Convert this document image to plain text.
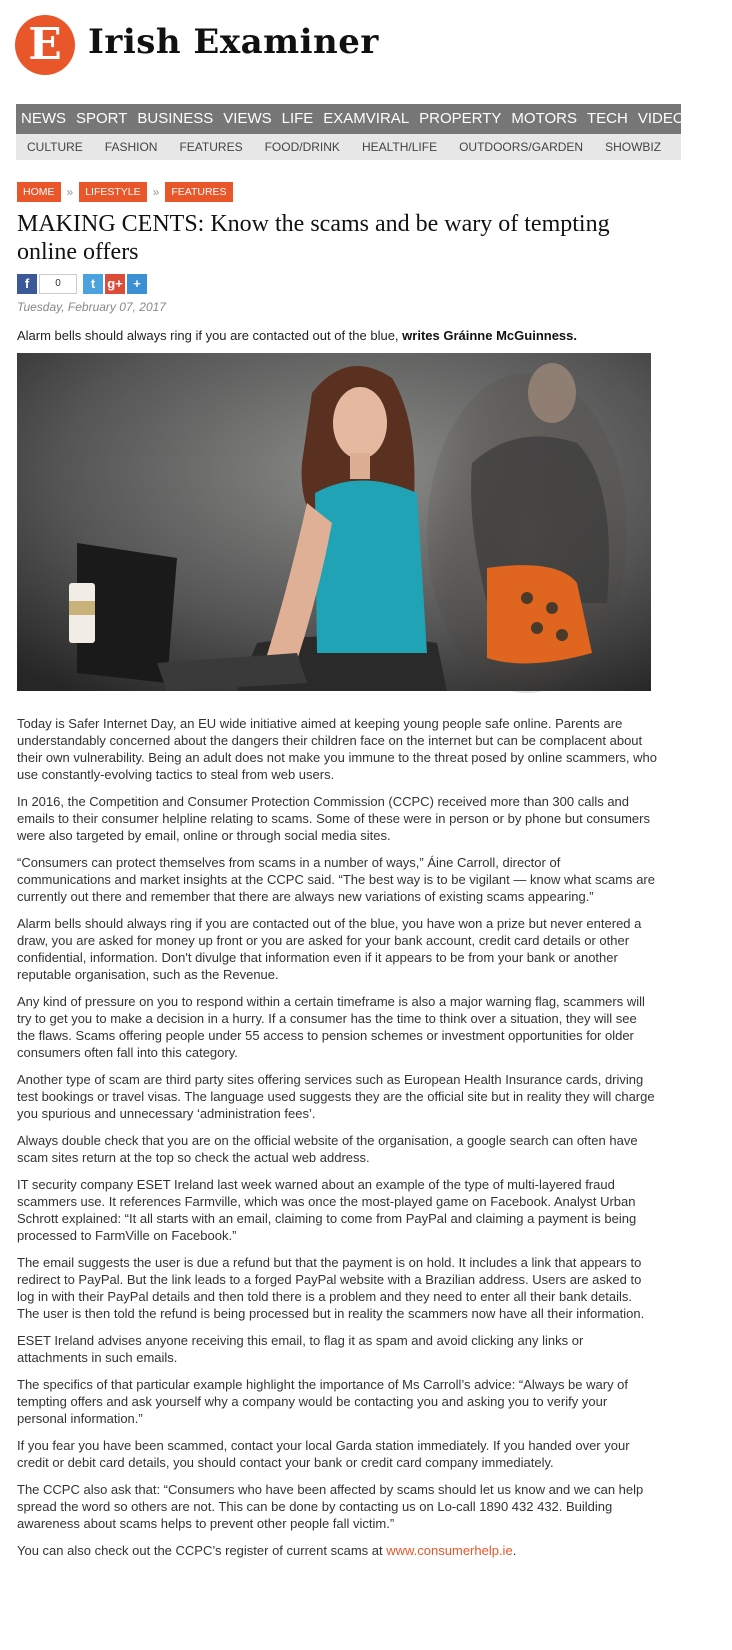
E Irish Examiner
NEWS SPORT BUSINESS VIEWS LIFE EXAMVIRAL PROPERTY MOTORS TECH VIDEO SHO
CULTURE FASHION FEATURES FOOD/DRINK HEALTH/LIFE OUTDOORS/GARDEN SHOWBIZ
HOME » LIFESTYLE » FEATURES
MAKING CENTS: Know the scams and be wary of tempting online offers
f	0 t g+ +
Tuesday, February 07, 2017
Alarm bells should always ring if you are contacted out of the blue, writes Gráinne McGuinness.

Today is Safer Internet Day, an EU wide initiative aimed at keeping young people safe online. Parents are understandably concerned about the dangers their children face on the internet but can be complacent about their own vulnerability. Being an adult does not make you immune to the threat posed by online scammers, who use constantly-evolving tactics to steal from web users.

In 2016, the Competition and Consumer Protection Commission (CCPC) received more than 300 calls and emails to their consumer helpline relating to scams. Some of these were in person or by phone but consumers were also targeted by email, online or through social media sites.

“Consumers can protect themselves from scams in a number of ways,” Áine Carroll, director of communications and market insights at the CCPC said. “The best way is to be vigilant — know what scams are currently out there and remember that there are always new variations of existing scams appearing.”

Alarm bells should always ring if you are contacted out of the blue, you have won a prize but never entered a draw, you are asked for money up front or you are asked for your bank account, credit card details or other confidential, information. Don't divulge that information even if it appears to be from your bank or another reputable organisation, such as the Revenue.

Any kind of pressure on you to respond within a certain timeframe is also a major warning flag, scammers will try to get you to make a decision in a hurry. If a consumer has the time to think over a situation, they will see the flaws. Scams offering people under 55 access to pension schemes or investment opportunities for older consumers often fall into this category.

Another type of scam are third party sites offering services such as European Health Insurance cards, driving test bookings or travel visas. The language used suggests they are the official site but in reality they will charge you spurious and unnecessary ‘administration fees’.

Always double check that you are on the official website of the organisation, a google search can often have scam sites return at the top so check the actual web address.

IT security company ESET Ireland last week warned about an example of the type of multi-layered fraud scammers use. It references Farmville, which was once the most-played game on Facebook. Analyst Urban Schrott explained: “It all starts with an email, claiming to come from PayPal and claiming a payment is being processed to FarmVille on Facebook.”

The email suggests the user is due a refund but that the payment is on hold. It includes a link that appears to redirect to PayPal. But the link leads to a forged PayPal website with a Brazilian address. Users are asked to log in with their PayPal details and then told there is a problem and they need to enter all their bank details. The user is then told the refund is being processed but in reality the scammers now have all their information.

ESET Ireland advises anyone receiving this email, to flag it as spam and avoid clicking any links or attachments in such emails.

The specifics of that particular example highlight the importance of Ms Carroll’s advice: “Always be wary of tempting offers and ask yourself why a company would be contacting you and asking you to verify your personal information.”

If you fear you have been scammed, contact your local Garda station immediately. If you handed over your credit or debit card details, you should contact your bank or credit card company immediately.

The CCPC also ask that: “Consumers who have been affected by scams should let us know and we can help spread the word so others are not. This can be done by contacting us on Lo-call 1890 432 432. Building awareness about scams helps to prevent other people fall victim.”

You can also check out the CCPC’s register of current scams at www.consumerhelp.ie.
